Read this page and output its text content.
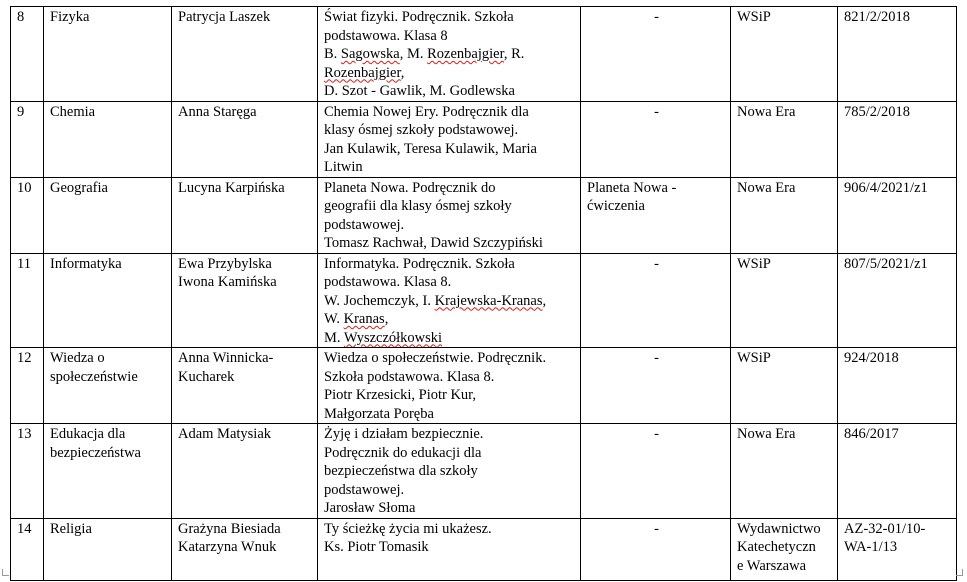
8	Fizyka	Patrycja Laszek	Świat fizyki. Podręcznik. Szkoła
podstawowa. Klasa 8
B. Sagowska, M. Rozenbajgier, R.
Rozenbajgier,
D. Szot - Gawlik, M. Godlewska	-	WSiP	821/2/2018

9	Chemia	Anna Staręga	Chemia Nowej Ery. Podręcznik dla
klasy ósmej szkoły podstawowej.
Jan Kulawik, Teresa Kulawik, Maria
Litwin	-	Nowa Era	785/2/2018

10	Geografia	Lucyna Karpińska	Planeta Nowa. Podręcznik do
geografii dla klasy ósmej szkoły
podstawowej.
Tomasz Rachwał, Dawid Szczypiński	Planeta Nowa -
ćwiczenia	Nowa Era	906/4/2021/z1

11	Informatyka	Ewa Przybylska
Iwona Kamińska	Informatyka. Podręcznik. Szkoła
podstawowa. Klasa 8.
W. Jochemczyk, I. Krajewska-Kranas,
W. Kranas,
M. Wyszczółkowski	-	WSiP	807/5/2021/z1

12	Wiedza o
społeczeństwie	Anna Winnicka-
Kucharek	Wiedza o społeczeństwie. Podręcznik.
Szkoła podstawowa. Klasa 8.
Piotr Krzesicki, Piotr Kur,
Małgorzata Poręba	-	WSiP	924/2018

13	Edukacja dla
bezpieczeństwa	Adam Matysiak	Żyję i działam bezpiecznie.
Podręcznik do edukacji dla
bezpieczeństwa dla szkoły
podstawowej.
Jarosław Słoma	-	Nowa Era	846/2017

14	Religia	Grażyna Biesiada
Katarzyna Wnuk	Ty ścieżkę życia mi ukażesz.
Ks. Piotr Tomasik	-	Wydawnictwo
Katechetyczn
e Warszawa	AZ-32-01/10-
WA-1/13
